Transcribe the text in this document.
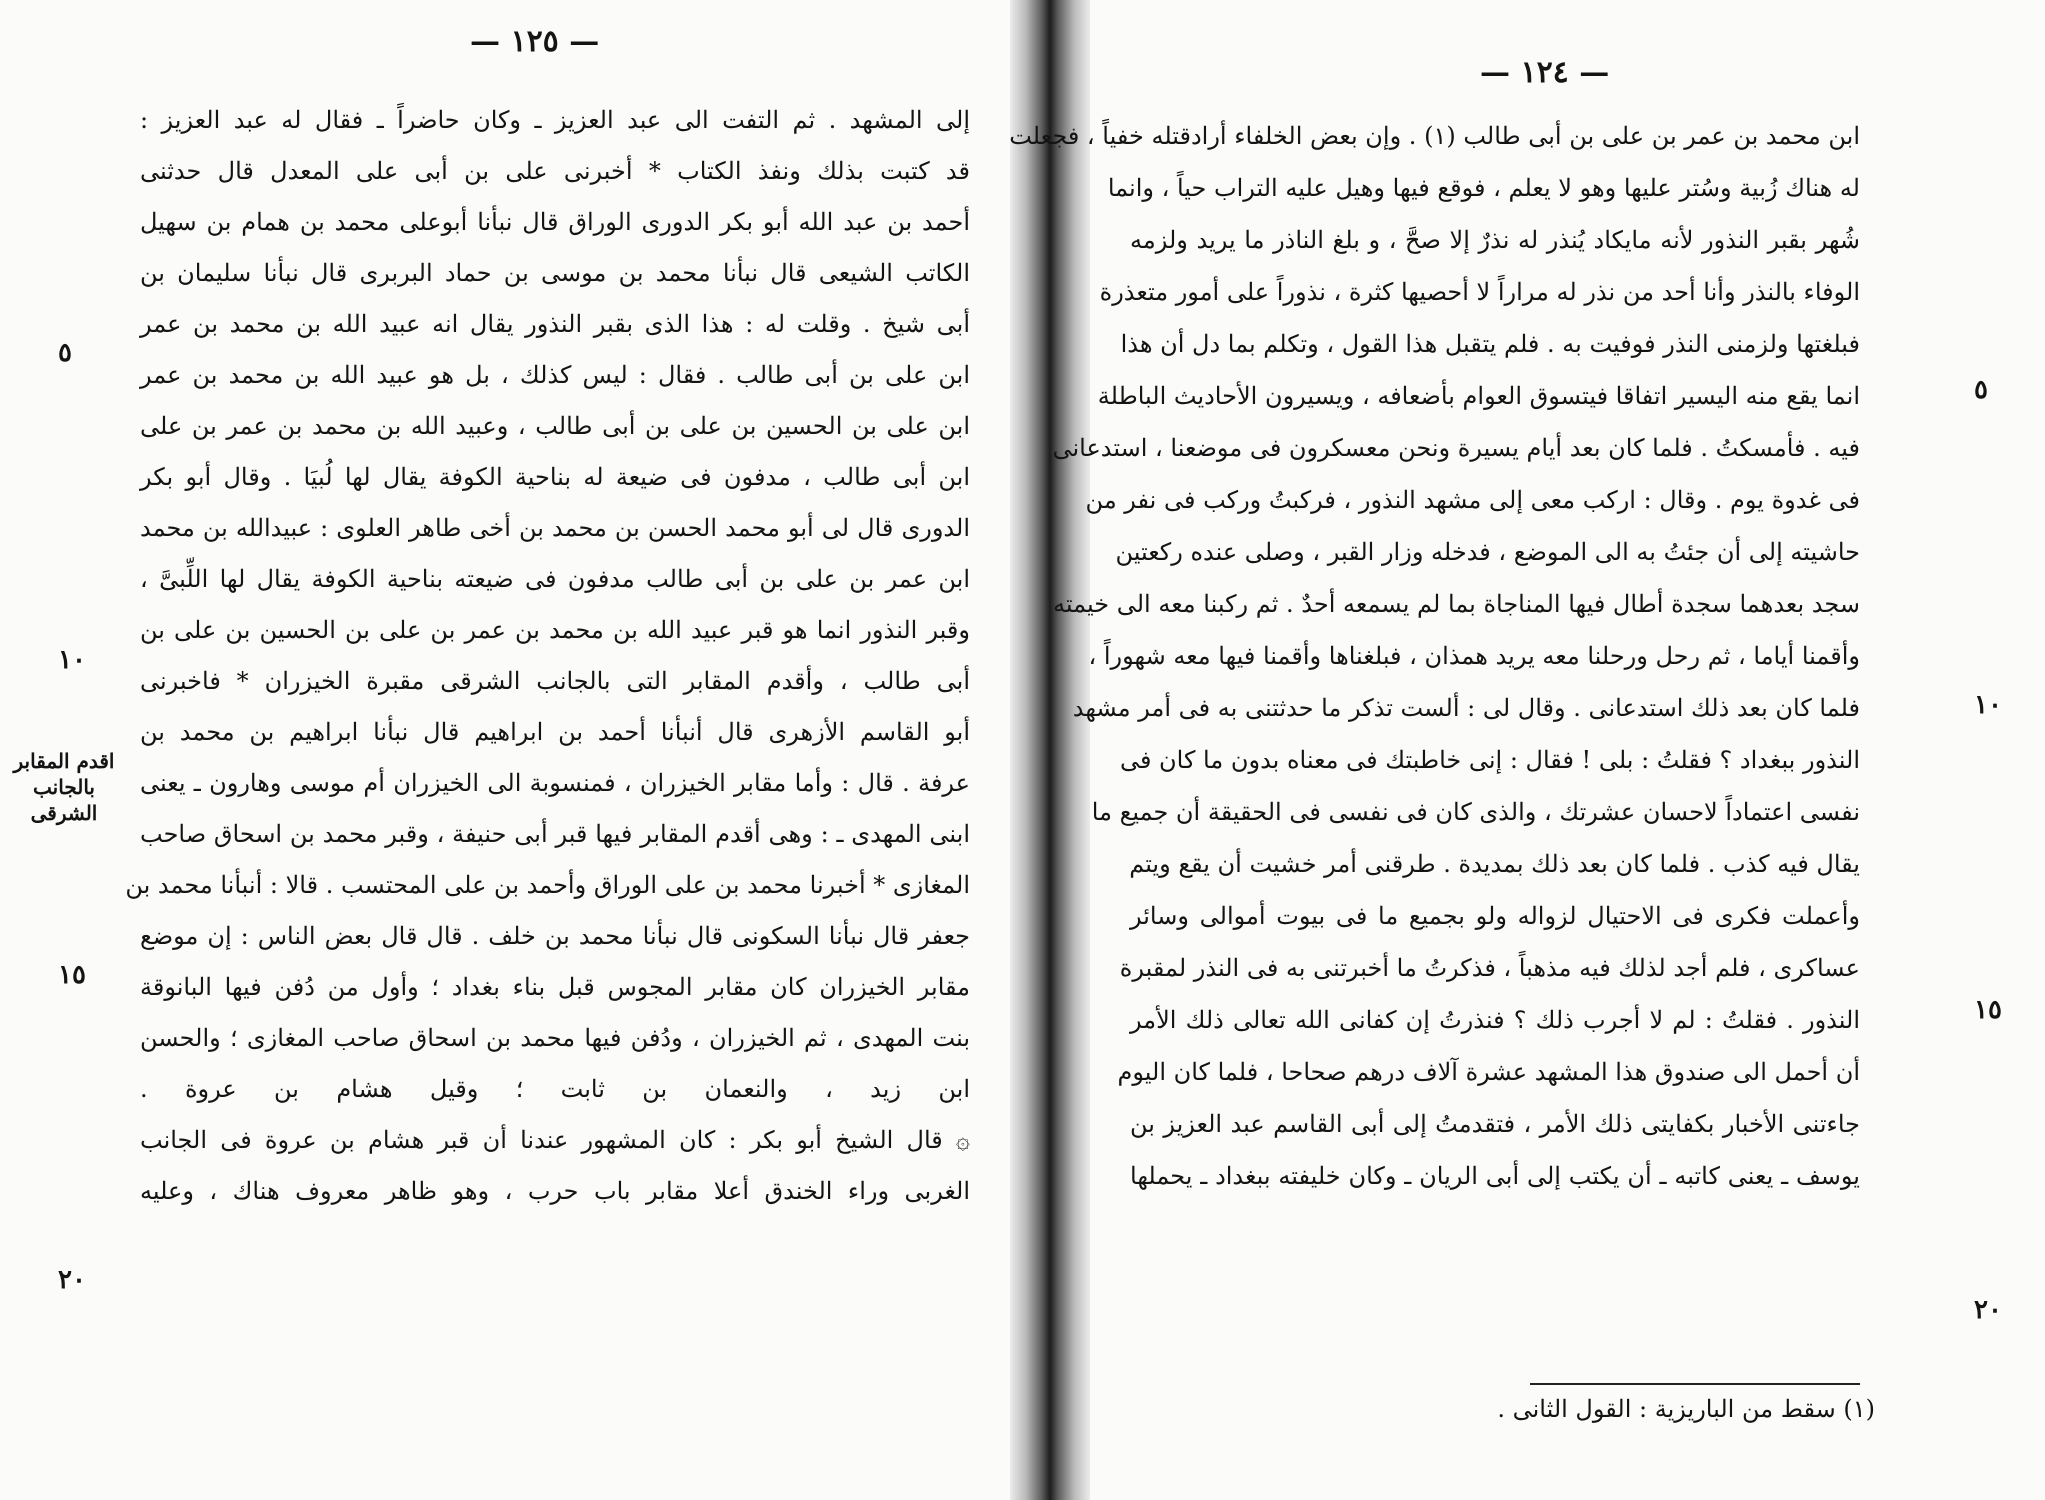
— ١٢٥ —
اقدم المقابر بالجانب الشرقى
٥
١٠
١٥
٢٠
إلى المشهد . ثم التفت الى عبد العزيز ـ وكان حاضراً ـ فقال له عبد العزيز :
قد كتبت بذلك ونفذ الكتاب * أخبرنى على بن أبى على المعدل قال حدثنى
أحمد بن عبد الله أبو بكر الدورى الوراق قال نبأنا أبوعلى محمد بن همام بن سهيل
الكاتب الشيعى قال نبأنا محمد بن موسى بن حماد البربرى قال نبأنا سليمان بن
أبى شيخ . وقلت له : هذا الذى بقبر النذور يقال انه عبيد الله بن محمد بن عمر
ابن على بن أبى طالب . فقال : ليس كذلك ، بل هو عبيد الله بن محمد بن عمر
ابن على بن الحسين بن على بن أبى طالب ، وعبيد الله بن محمد بن عمر بن على
ابن أبى طالب ، مدفون فى ضيعة له بناحية الكوفة يقال لها لُبيَا . وقال أبو بكر
الدورى قال لى أبو محمد الحسن بن محمد بن أخى طاهر العلوى : عبيدالله بن محمد
ابن عمر بن على بن أبى طالب مدفون فى ضيعته بناحية الكوفة يقال لها اللِّبىَّ ،
وقبر النذور انما هو قبر عبيد الله بن محمد بن عمر بن على بن الحسين بن على بن
أبى طالب ، وأقدم المقابر التى بالجانب الشرقى مقبرة الخيزران * فاخبرنى
أبو القاسم الأزهرى قال أنبأنا أحمد بن ابراهيم قال نبأنا ابراهيم بن محمد بن
عرفة . قال : وأما مقابر الخيزران ، فمنسوبة الى الخيزران أم موسى وهارون ـ يعنى
ابنى المهدى ـ : وهى أقدم المقابر فيها قبر أبى حنيفة ، وقبر محمد بن اسحاق صاحب
المغازى * أخبرنا محمد بن على الوراق وأحمد بن على المحتسب . قالا : أنبأنا محمد بن
جعفر قال نبأنا السكونى قال نبأنا محمد بن خلف . قال قال بعض الناس : إن موضع
مقابر الخيزران كان مقابر المجوس قبل بناء بغداد ؛ وأول من دُفن فيها البانوقة
بنت المهدى ، ثم الخيزران ، ودُفن فيها محمد بن اسحاق صاحب المغازى ؛ والحسن
ابن زيد ، والنعمان بن ثابت ؛ وقيل هشام بن عروة .
۞ قال الشيخ أبو بكر : كان المشهور عندنا أن قبر هشام بن عروة فى الجانب
الغربى وراء الخندق أعلا مقابر باب حرب ، وهو ظاهر معروف هناك ، وعليه
— ١٢٤ —
٥
١٠
١٥
٢٠
ابن محمد بن عمر بن على بن أبى طالب (١) . وإن بعض الخلفاء أرادقتله خفياً ، فجعلت
له هناك زُبية وسُتر عليها وهو لا يعلم ، فوقع فيها وهيل عليه التراب حياً ، وانما
شُهر بقبر النذور لأنه مايكاد يُنذر له نذرٌ إلا صحَّ ، و بلغ الناذر ما يريد ولزمه
الوفاء بالنذر وأنا أحد من نذر له مراراً لا أحصيها كثرة ، نذوراً على أمور متعذرة
فبلغتها ولزمنى النذر فوفيت به . فلم يتقبل هذا القول ، وتكلم بما دل أن هذا
انما يقع منه اليسير اتفاقا فيتسوق العوام بأضعافه ، ويسيرون الأحاديث الباطلة
فيه . فأمسكتُ . فلما كان بعد أيام يسيرة ونحن معسكرون فى موضعنا ، استدعانى
فى غدوة يوم . وقال : اركب معى إلى مشهد النذور ، فركبتُ وركب فى نفر من
حاشيته إلى أن جئتُ به الى الموضع ، فدخله وزار القبر ، وصلى عنده ركعتين
سجد بعدهما سجدة أطال فيها المناجاة بما لم يسمعه أحدٌ . ثم ركبنا معه الى خيمته
وأقمنا أياما ، ثم رحل ورحلنا معه يريد همذان ، فبلغناها وأقمنا فيها معه شهوراً ،
فلما كان بعد ذلك استدعانى . وقال لى : ألست تذكر ما حدثتنى به فى أمر مشهد
النذور ببغداد ؟ فقلتُ : بلى ! فقال : إنى خاطبتك فى معناه بدون ما كان فى
نفسى اعتماداً لاحسان عشرتك ، والذى كان فى نفسى فى الحقيقة أن جميع ما
يقال فيه كذب . فلما كان بعد ذلك بمديدة . طرقنى أمر خشيت أن يقع ويتم
وأعملت فكرى فى الاحتيال لزواله ولو بجميع ما فى بيوت أموالى وسائر
عساكرى ، فلم أجد لذلك فيه مذهباً ، فذكرتُ ما أخبرتنى به فى النذر لمقبرة
النذور . فقلتُ : لم لا أجرب ذلك ؟ فنذرتُ إن كفانى الله تعالى ذلك الأمر
أن أحمل الى صندوق هذا المشهد عشرة آلاف درهم صحاحا ، فلما كان اليوم
جاءتنى الأخبار بكفايتى ذلك الأمر ، فتقدمتُ إلى أبى القاسم عبد العزيز بن
يوسف ـ يعنى كاتبه ـ أن يكتب إلى أبى الريان ـ وكان خليفته ببغداد ـ يحملها
(١) سقط من الباريزية : القول الثانى .
